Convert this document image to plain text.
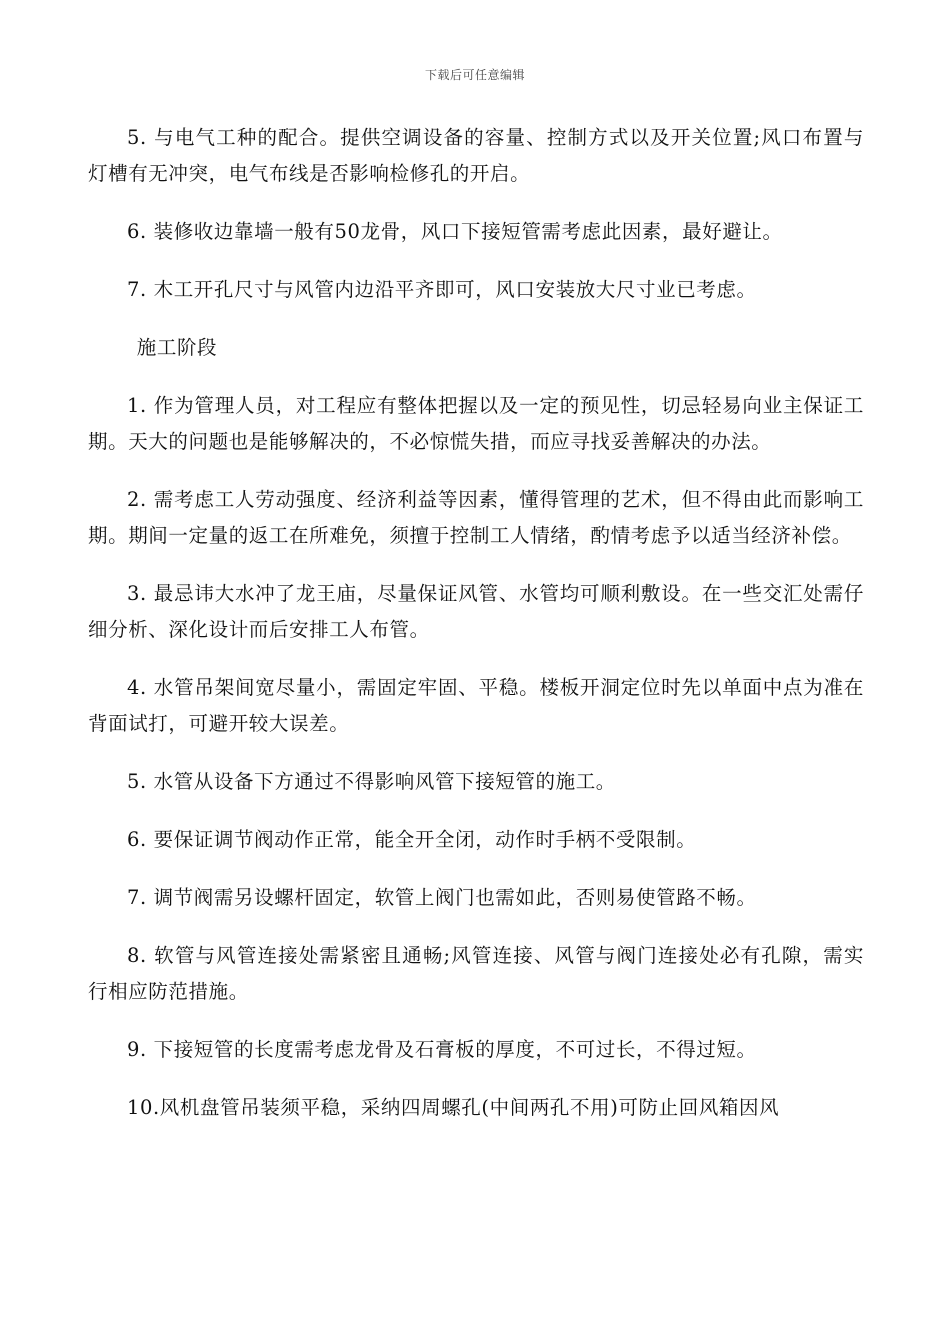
下载后可任意编辑

5. 与电气工种的配合。提供空调设备的容量、控制方式以及开关位置;风口布置与灯槽有无冲突，电气布线是否影响检修孔的开启。

6. 装修收边靠墙一般有50龙骨，风口下接短管需考虑此因素，最好避让。

7. 木工开孔尺寸与风管内边沿平齐即可，风口安装放大尺寸业已考虑。

施工阶段

1. 作为管理人员，对工程应有整体把握以及一定的预见性，切忌轻易向业主保证工期。天大的问题也是能够解决的，不必惊慌失措，而应寻找妥善解决的办法。

2. 需考虑工人劳动强度、经济利益等因素，懂得管理的艺术，但不得由此而影响工期。期间一定量的返工在所难免，须擅于控制工人情绪，酌情考虑予以适当经济补偿。

3. 最忌讳大水冲了龙王庙，尽量保证风管、水管均可顺利敷设。在一些交汇处需仔细分析、深化设计而后安排工人布管。

4. 水管吊架间宽尽量小，需固定牢固、平稳。楼板开洞定位时先以单面中点为准在背面试打，可避开较大误差。

5. 水管从设备下方通过不得影响风管下接短管的施工。

6. 要保证调节阀动作正常，能全开全闭，动作时手柄不受限制。

7. 调节阀需另设螺杆固定，软管上阀门也需如此，否则易使管路不畅。

8. 软管与风管连接处需紧密且通畅;风管连接、风管与阀门连接处必有孔隙，需实行相应防范措施。

9. 下接短管的长度需考虑龙骨及石膏板的厚度，不可过长，不得过短。

10.风机盘管吊装须平稳，采纳四周螺孔(中间两孔不用)可防止回风箱因风
